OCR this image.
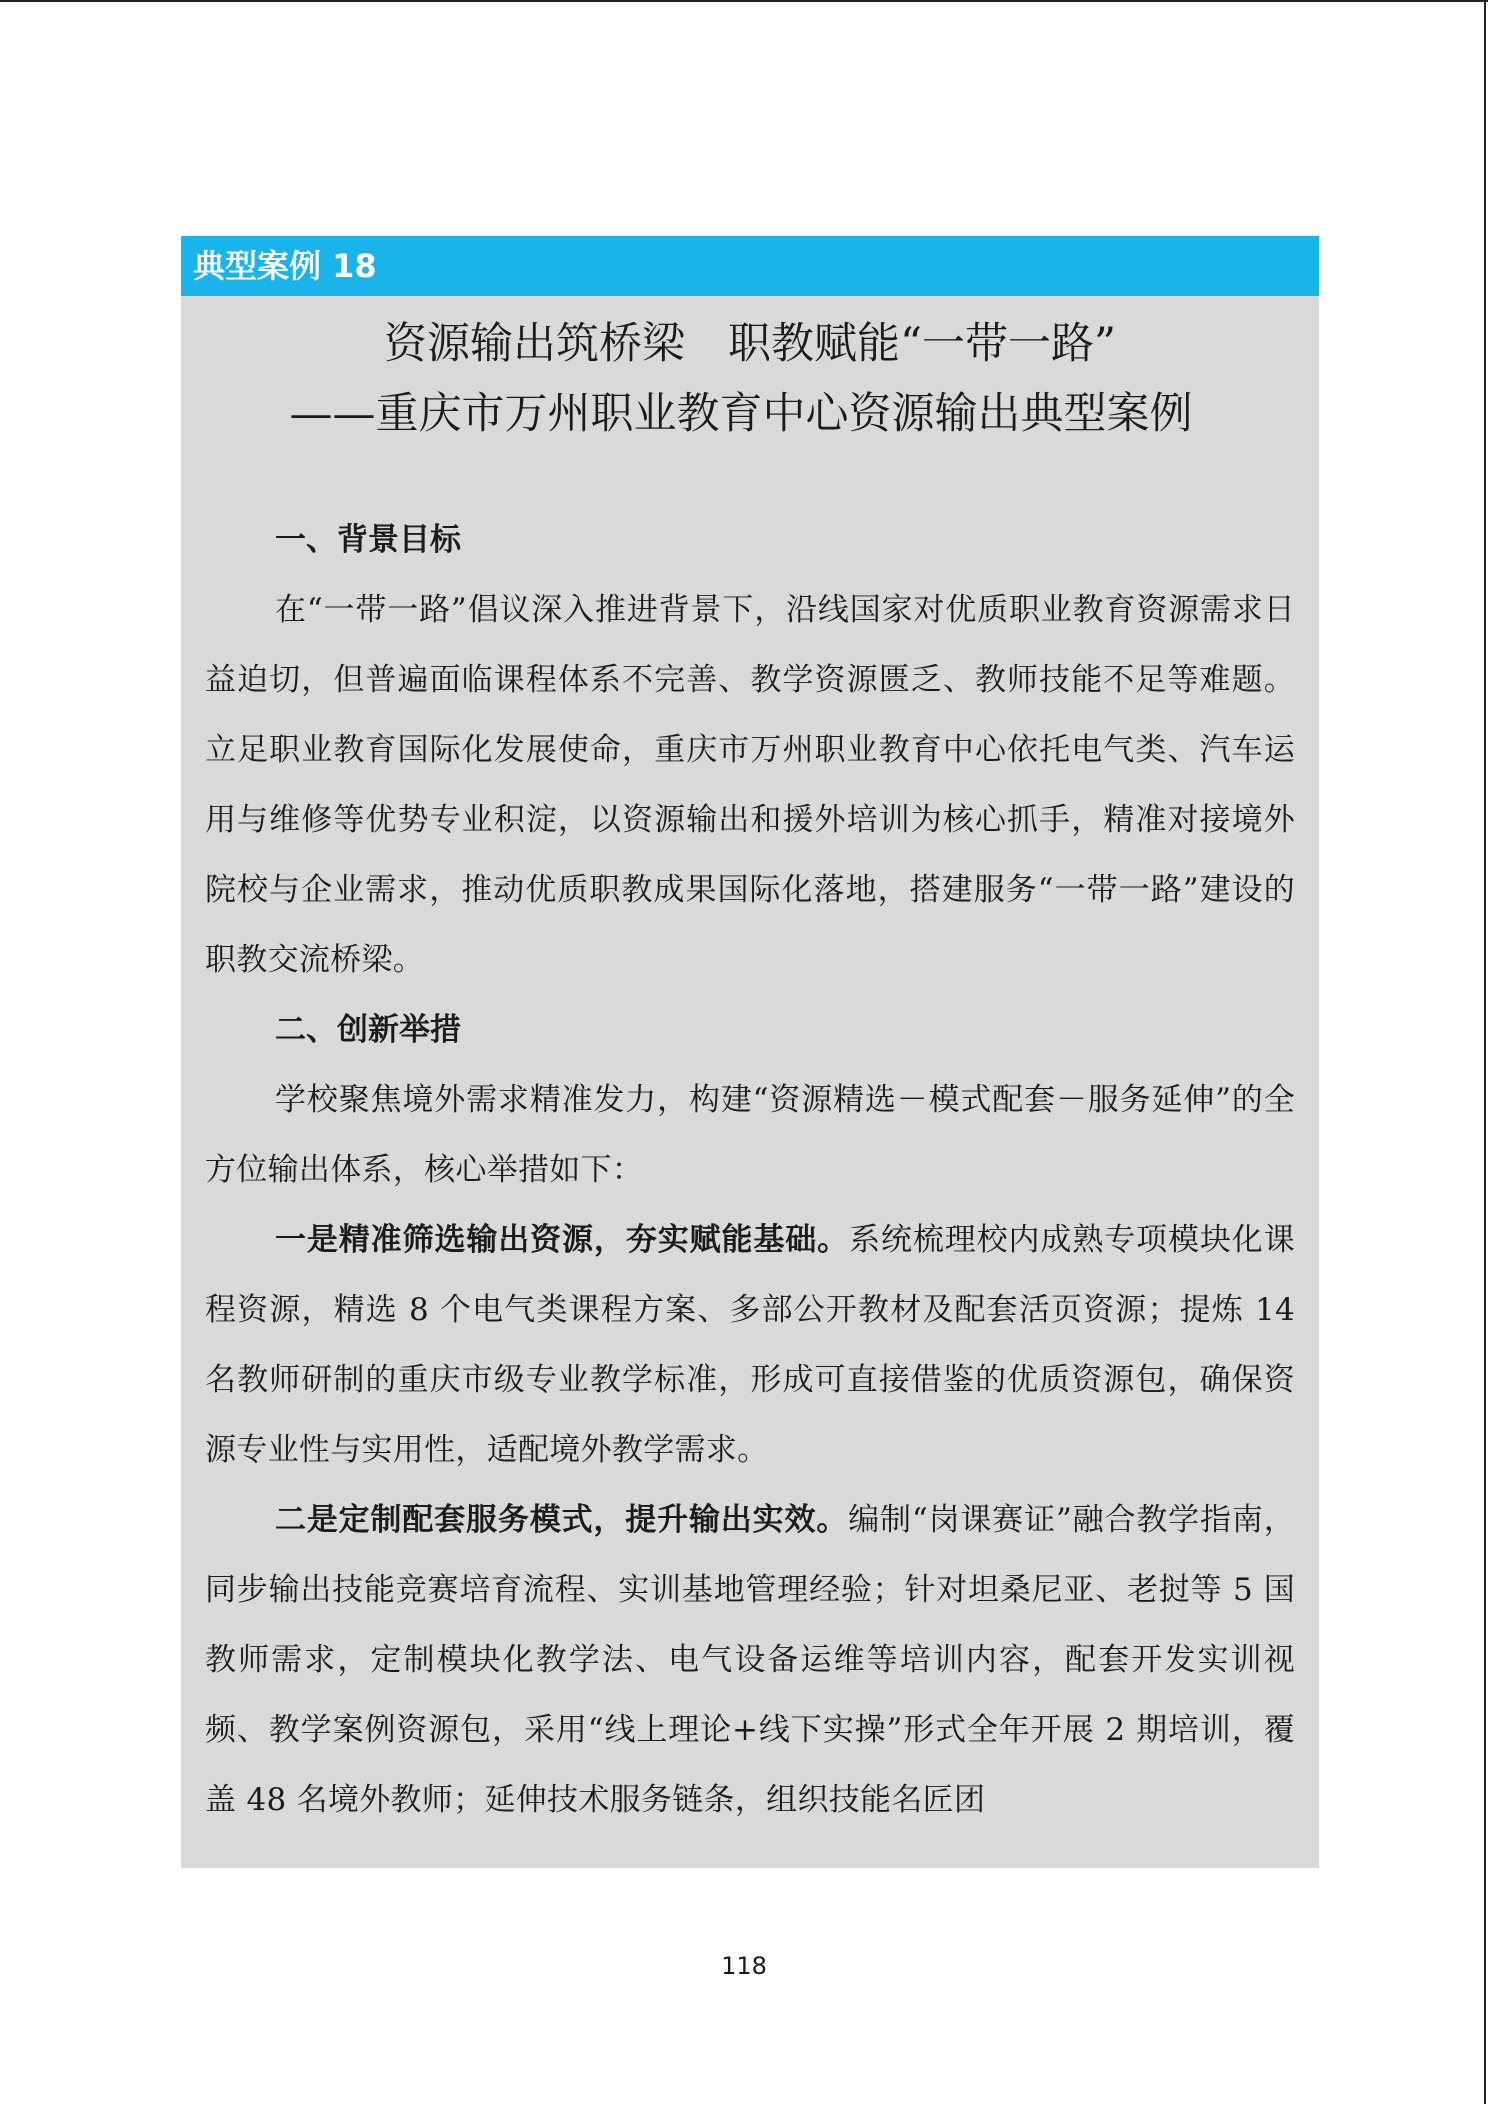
典型案例 18
资源输出筑桥梁　职教赋能“一带一路”
——重庆市万州职业教育中心资源输出典型案例
一、背景目标

在“一带一路”倡议深入推进背景下，沿线国家对优质职业教育资源需求日益迫切，但普遍面临课程体系不完善、教学资源匮乏、教师技能不足等难题。立足职业教育国际化发展使命，重庆市万州职业教育中心依托电气类、汽车运用与维修等优势专业积淀，以资源输出和援外培训为核心抓手，精准对接境外院校与企业需求，推动优质职教成果国际化落地，搭建服务“一带一路”建设的职教交流桥梁。

二、创新举措

学校聚焦境外需求精准发力，构建“资源精选－模式配套－服务延伸”的全方位输出体系，核心举措如下：

一是精准筛选输出资源，夯实赋能基础。系统梳理校内成熟专项模块化课程资源，精选 8 个电气类课程方案、多部公开教材及配套活页资源；提炼 14 名教师研制的重庆市级专业教学标准，形成可直接借鉴的优质资源包，确保资源专业性与实用性，适配境外教学需求。

二是定制配套服务模式，提升输出实效。编制“岗课赛证”融合教学指南，同步输出技能竞赛培育流程、实训基地管理经验；针对坦桑尼亚、老挝等 5 国教师需求，定制模块化教学法、电气设备运维等培训内容，配套开发实训视频、教学案例资源包，采用“线上理论+线下实操”形式全年开展 2 期培训，覆盖 48 名境外教师；延伸技术服务链条，组织技能名匠团

118
